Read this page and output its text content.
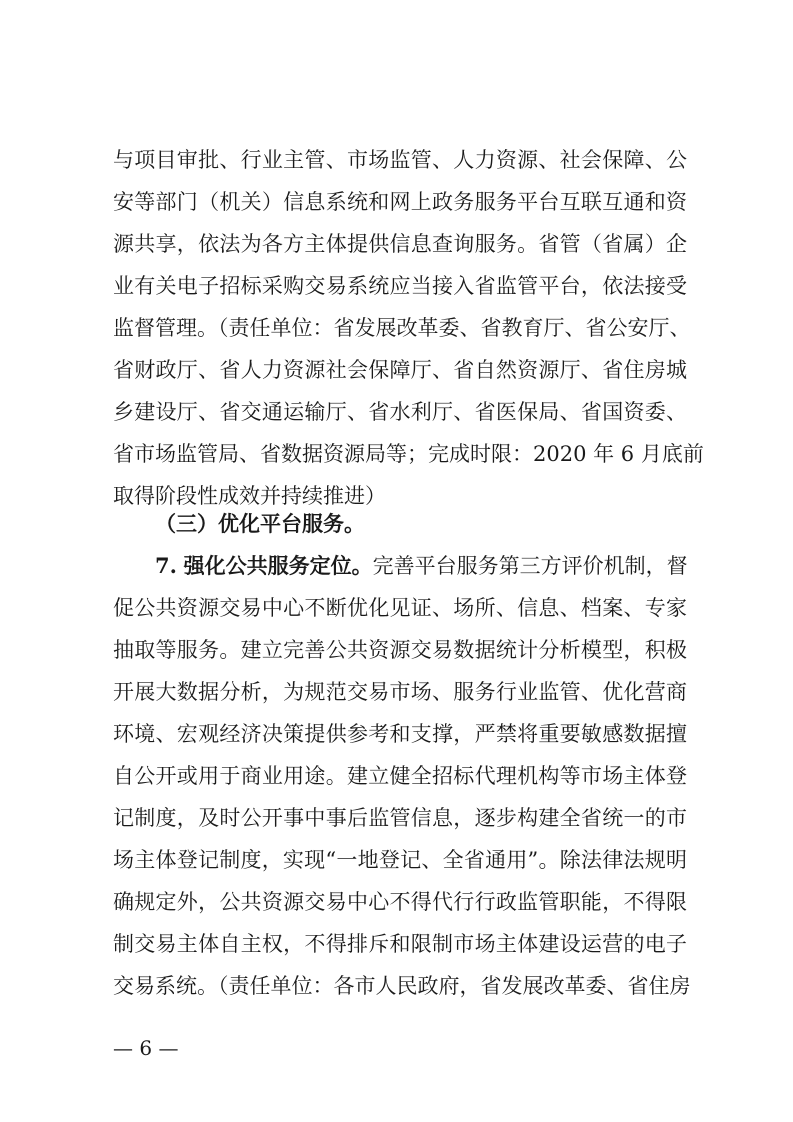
与项目审批、行业主管、市场监管、人力资源、社会保障、公
安等部门（机关）信息系统和网上政务服务平台互联互通和资
源共享，依法为各方主体提供信息查询服务。省管（省属）企
业有关电子招标采购交易系统应当接入省监管平台，依法接受
监督管理。（责任单位：省发展改革委、省教育厅、省公安厅、
省财政厅、省人力资源社会保障厅、省自然资源厅、省住房城
乡建设厅、省交通运输厅、省水利厅、省医保局、省国资委、
省市场监管局、省数据资源局等；完成时限：2020 年 6 月底前
取得阶段性成效并持续推进）
（三）优化平台服务。
7. 强化公共服务定位。完善平台服务第三方评价机制，督
促公共资源交易中心不断优化见证、场所、信息、档案、专家
抽取等服务。建立完善公共资源交易数据统计分析模型，积极
开展大数据分析，为规范交易市场、服务行业监管、优化营商
环境、宏观经济决策提供参考和支撑，严禁将重要敏感数据擅
自公开或用于商业用途。建立健全招标代理机构等市场主体登
记制度，及时公开事中事后监管信息，逐步构建全省统一的市
场主体登记制度，实现“一地登记、全省通用”。除法律法规明
确规定外，公共资源交易中心不得代行行政监管职能，不得限
制交易主体自主权，不得排斥和限制市场主体建设运营的电子
交易系统。（责任单位：各市人民政府，省发展改革委、省住房
— 6 —
